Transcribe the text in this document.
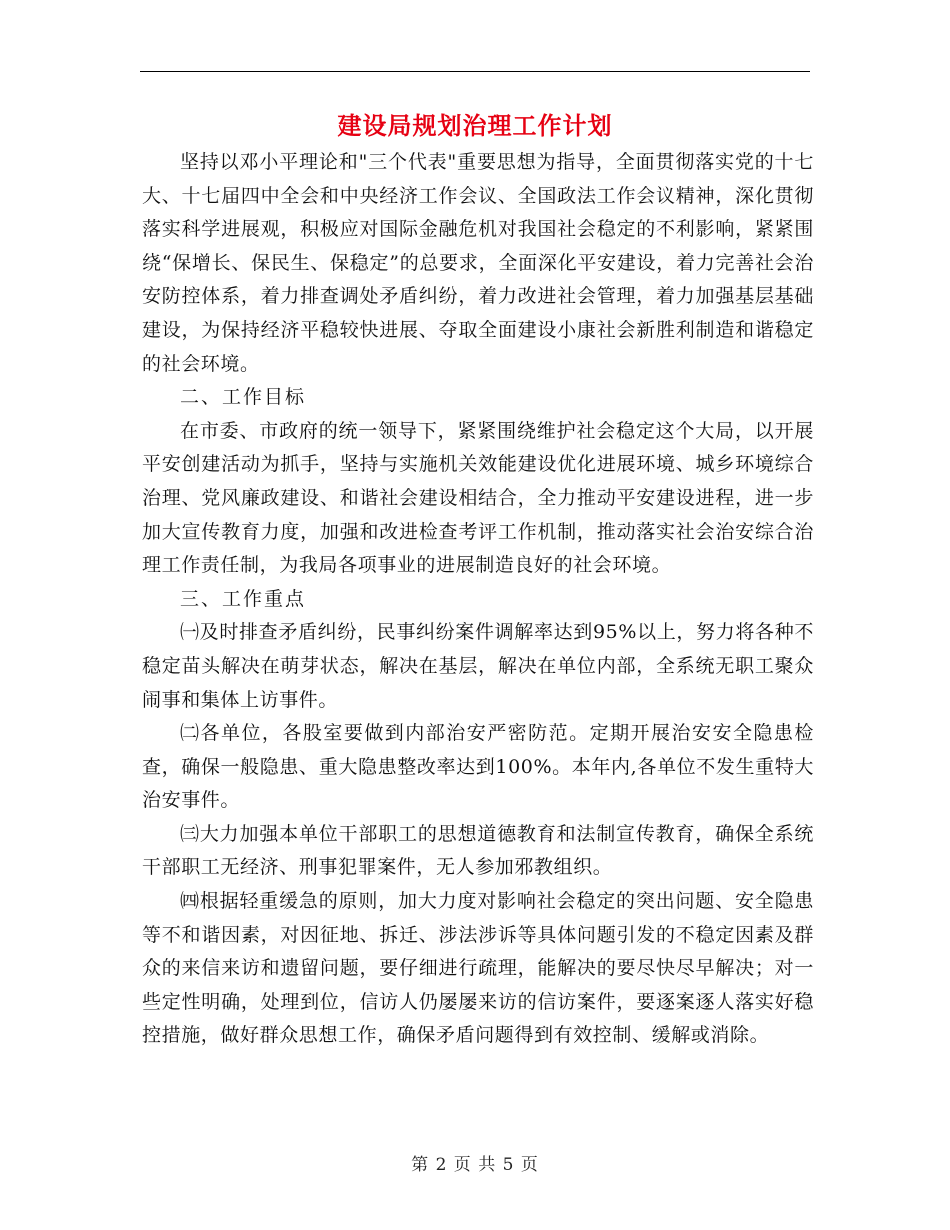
建设局规划治理工作计划

坚持以邓小平理论和"三个代表"重要思想为指导，全面贯彻落实党的十七大、十七届四中全会和中央经济工作会议、全国政法工作会议精神，深化贯彻落实科学进展观，积极应对国际金融危机对我国社会稳定的不利影响，紧紧围绕“保增长、保民生、保稳定”的总要求，全面深化平安建设，着力完善社会治安防控体系，着力排查调处矛盾纠纷，着力改进社会管理，着力加强基层基础建设，为保持经济平稳较快进展、夺取全面建设小康社会新胜利制造和谐稳定的社会环境。

二、工作目标

在市委、市政府的统一领导下，紧紧围绕维护社会稳定这个大局，以开展平安创建活动为抓手，坚持与实施机关效能建设优化进展环境、城乡环境综合治理、党风廉政建设、和谐社会建设相结合，全力推动平安建设进程，进一步加大宣传教育力度，加强和改进检查考评工作机制，推动落实社会治安综合治理工作责任制，为我局各项事业的进展制造良好的社会环境。

三、工作重点

㈠及时排查矛盾纠纷，民事纠纷案件调解率达到95%以上，努力将各种不稳定苗头解决在萌芽状态，解决在基层，解决在单位内部，全系统无职工聚众闹事和集体上访事件。

㈡各单位，各股室要做到内部治安严密防范。定期开展治安安全隐患检查，确保一般隐患、重大隐患整改率达到100%。本年内,各单位不发生重特大治安事件。

㈢大力加强本单位干部职工的思想道德教育和法制宣传教育，确保全系统干部职工无经济、刑事犯罪案件，无人参加邪教组织。

㈣根据轻重缓急的原则，加大力度对影响社会稳定的突出问题、安全隐患等不和谐因素，对因征地、拆迁、涉法涉诉等具体问题引发的不稳定因素及群众的来信来访和遗留问题，要仔细进行疏理，能解决的要尽快尽早解决；对一些定性明确，处理到位，信访人仍屡屡来访的信访案件，要逐案逐人落实好稳控措施，做好群众思想工作，确保矛盾问题得到有效控制、缓解或消除。

第 2 页 共 5 页
